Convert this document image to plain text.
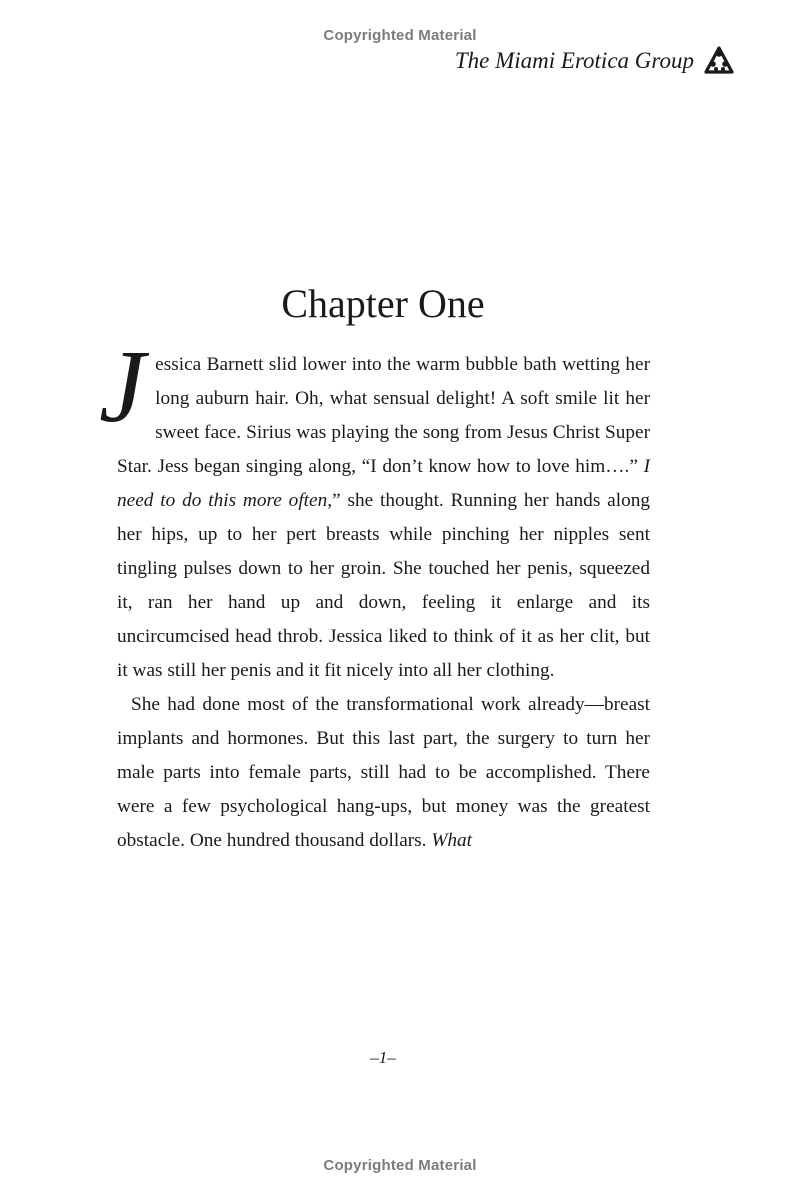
Copyrighted Material
The Miami Erotica Group
Chapter One

Jessica Barnett slid lower into the warm bubble bath wetting her long auburn hair. Oh, what sensual delight! A soft smile lit her sweet face. Sirius was playing the song from Jesus Christ Super Star. Jess began singing along, “I don’t know how to love him….” I need to do this more often,” she thought. Running her hands along her hips, up to her pert breasts while pinching her nipples sent tingling pulses down to her groin. She touched her penis, squeezed it, ran her hand up and down, feeling it enlarge and its uncircumcised head throb. Jessica liked to think of it as her clit, but it was still her penis and it fit nicely into all her clothing.

She had done most of the transformational work already—breast implants and hormones. But this last part, the surgery to turn her male parts into female parts, still had to be accomplished. There were a few psychological hang-ups, but money was the greatest obstacle. One hundred thousand dollars. What

–1–
Copyrighted Material
